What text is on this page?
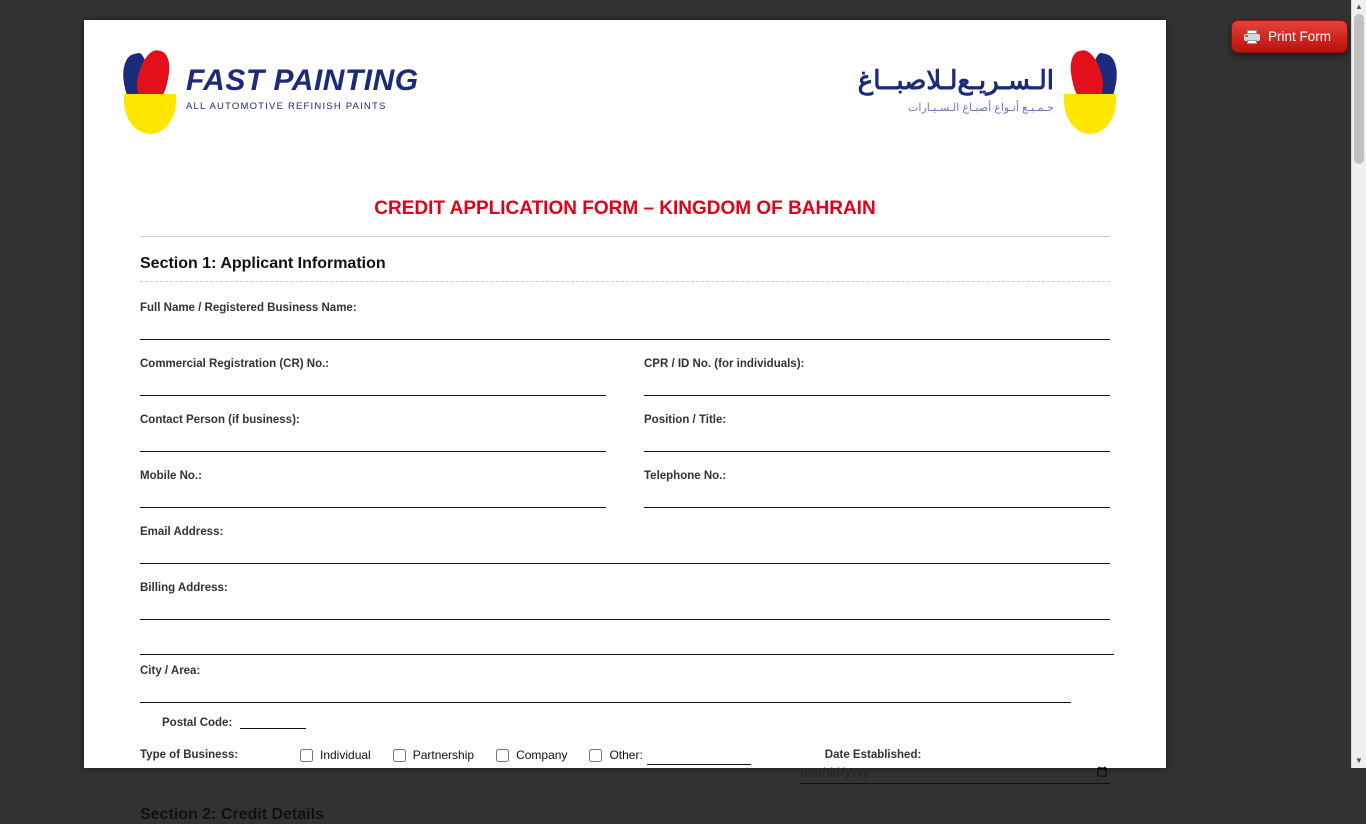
FAST PAINTING
ALL AUTOMOTIVE REFINISH PAINTS
الـسـريـع‌لـلاصبــاغ
جـمـيـع أنـواع أصبـاغ الـسـيـارات
CREDIT APPLICATION FORM – KINGDOM OF BAHRAIN
Section 1: Applicant Information
Full Name / Registered Business Name:
Commercial Registration (CR) No.:	CPR / ID No. (for individuals):
Contact Person (if business):	Position / Title:
Mobile No.:	Telephone No.:
Email Address:
Billing Address:
City / Area:
Postal Code:
Type of Business:	Individual	Partnership	Company	Other:	Date Established:
Section 2: Credit Details
Print Form
▲
▼
